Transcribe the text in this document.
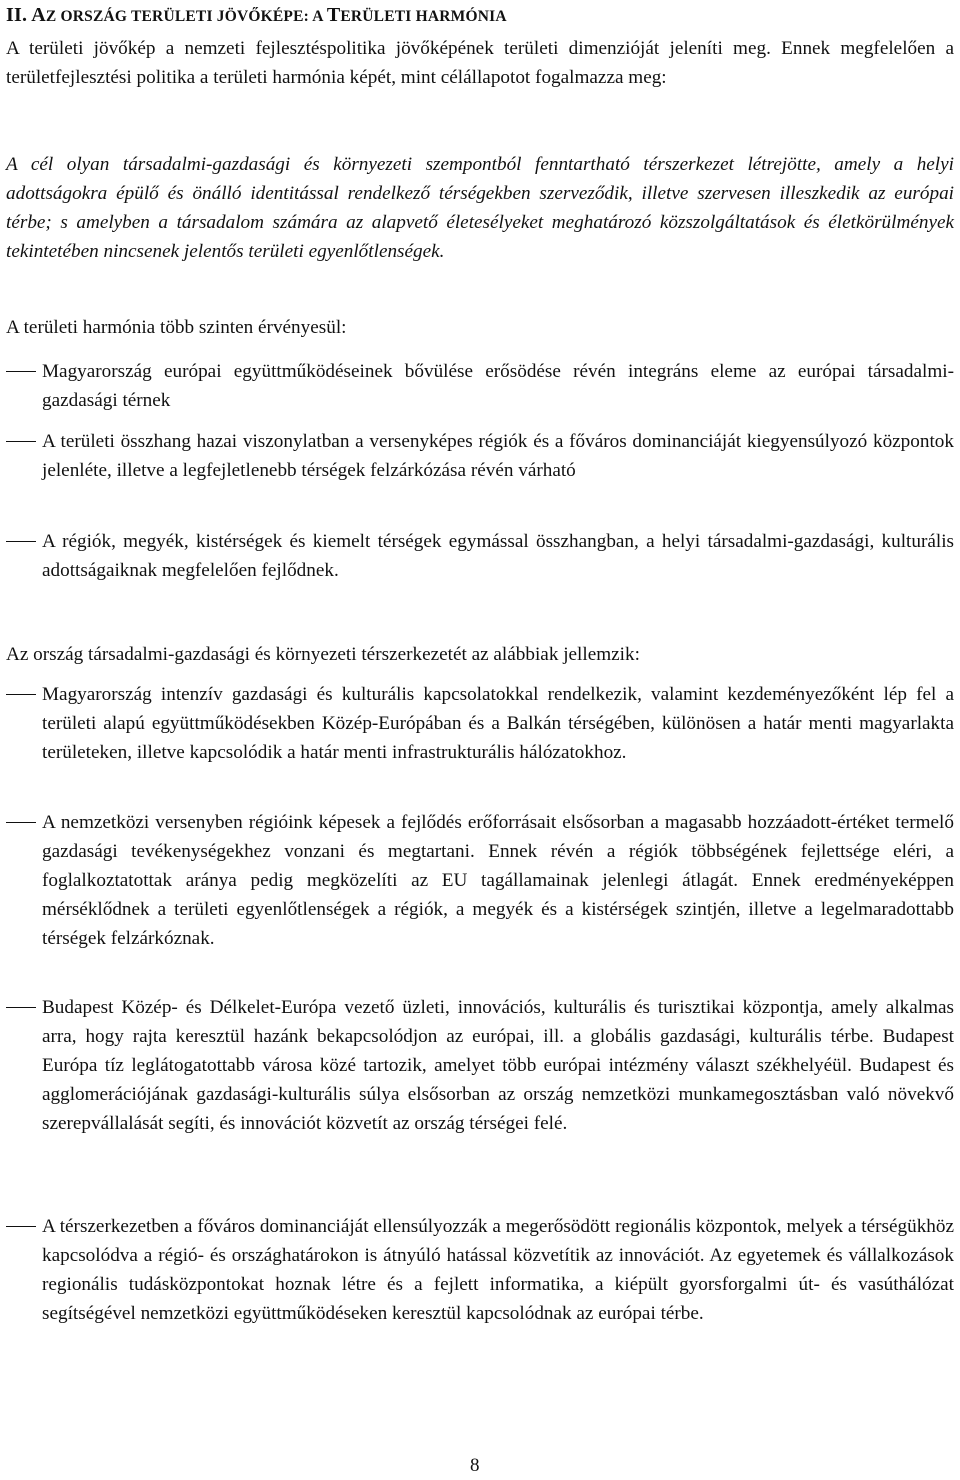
II. AZ ORSZÁG TERÜLETI JÖVŐKÉPE: A TERÜLETI HARMÓNIA

A területi jövőkép a nemzeti fejlesztéspolitika jövőképének területi dimenzióját jeleníti meg. Ennek megfelelően a területfejlesztési politika a területi harmónia képét, mint célállapotot fogalmazza meg:

A cél olyan társadalmi-gazdasági és környezeti szempontból fenntartható térszerkezet létrejötte, amely a helyi adottságokra épülő és önálló identitással rendelkező térségekben szerveződik, illetve szervesen illeszkedik az európai térbe; s amelyben a társadalom számára az alapvető életesélyeket meghatározó közszolgáltatások és életkörülmények tekintetében nincsenek jelentős területi egyenlőtlenségek.

A területi harmónia több szinten érvényesül:

Magyarország európai együttműködéseinek bővülése erősödése révén integráns eleme az európai társadalmi-gazdasági térnek
A területi összhang hazai viszonylatban a versenyképes régiók és a főváros dominanciáját kiegyensúlyozó központok jelenléte, illetve a legfejletlenebb térségek felzárkózása révén várható
A régiók, megyék, kistérségek és kiemelt térségek egymással összhangban, a helyi társadalmi-gazdasági, kulturális adottságaiknak megfelelően fejlődnek.

Az ország társadalmi-gazdasági és környezeti térszerkezetét az alábbiak jellemzik:

Magyarország intenzív gazdasági és kulturális kapcsolatokkal rendelkezik, valamint kezdeményezőként lép fel a területi alapú együttműködésekben Közép-Európában és a Balkán térségében, különösen a határ menti magyarlakta területeken, illetve kapcsolódik a határ menti infrastrukturális hálózatokhoz.
A nemzetközi versenyben régióink képesek a fejlődés erőforrásait elsősorban a magasabb hozzáadott-értéket termelő gazdasági tevékenységekhez vonzani és megtartani. Ennek révén a régiók többségének fejlettsége eléri, a foglalkoztatottak aránya pedig megközelíti az EU tagállamainak jelenlegi átlagát. Ennek eredményeképpen mérséklődnek a területi egyenlőtlenségek a régiók, a megyék és a kistérségek szintjén, illetve a legelmaradottabb térségek felzárkóznak.
Budapest Közép- és Délkelet-Európa vezető üzleti, innovációs, kulturális és turisztikai központja, amely alkalmas arra, hogy rajta keresztül hazánk bekapcsolódjon az európai, ill. a globális gazdasági, kulturális térbe. Budapest Európa tíz leglátogatottabb városa közé tartozik, amelyet több európai intézmény választ székhelyéül. Budapest és agglomerációjának gazdasági-kulturális súlya elsősorban az ország nemzetközi munkamegosztásban való növekvő szerepvállalását segíti, és innovációt közvetít az ország térségei felé.
A térszerkezetben a főváros dominanciáját ellensúlyozzák a megerősödött regionális központok, melyek a térségükhöz kapcsolódva a régió- és országhatárokon is átnyúló hatással közvetítik az innovációt. Az egyetemek és vállalkozások regionális tudásközpontokat hoznak létre és a fejlett informatika, a kiépült gyorsforgalmi út- és vasúthálózat segítségével nemzetközi együttműködéseken keresztül kapcsolódnak az európai térbe.
8
